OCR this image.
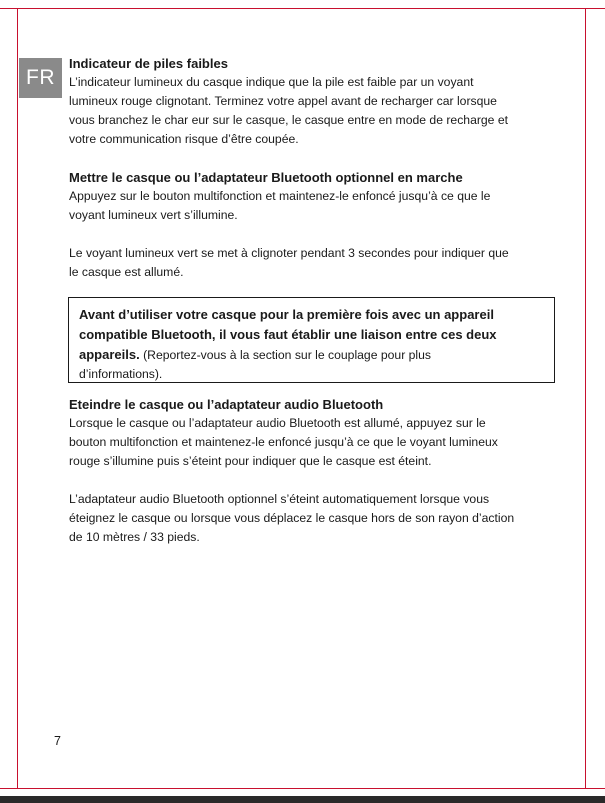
FR
Indicateur de piles faibles

L’indicateur lumineux du casque indique que la pile est faible par un voyant

lumineux rouge clignotant. Terminez votre appel avant de recharger car lorsque

vous branchez le char eur sur le casque, le casque entre en mode de recharge et

votre communication risque d’être coupée.

Mettre le casque ou l’adaptateur Bluetooth optionnel en marche

Appuyez sur le bouton multifonction et maintenez-le enfoncé jusqu’à ce que le

voyant lumineux vert s’illumine.

Le voyant lumineux vert se met à clignoter pendant 3 secondes pour indiquer que

le casque est allumé.

Avant d’utiliser votre casque pour la première fois avec un appareil
compatible Bluetooth, il vous faut établir une liaison entre ces deux
appareils. (Reportez-vous à la section sur le couplage pour plus
d’informations).
Eteindre le casque ou l’adaptateur audio Bluetooth

Lorsque le casque ou l’adaptateur audio Bluetooth est allumé, appuyez sur le

bouton multifonction et maintenez-le enfoncé jusqu’à ce que le voyant lumineux

rouge s’illumine puis s’éteint pour indiquer que le casque est éteint.

L’adaptateur audio Bluetooth optionnel s’éteint automatiquement lorsque vous

éteignez le casque ou lorsque vous déplacez le casque hors de son rayon d’action

de 10 mètres / 33 pieds.

7
